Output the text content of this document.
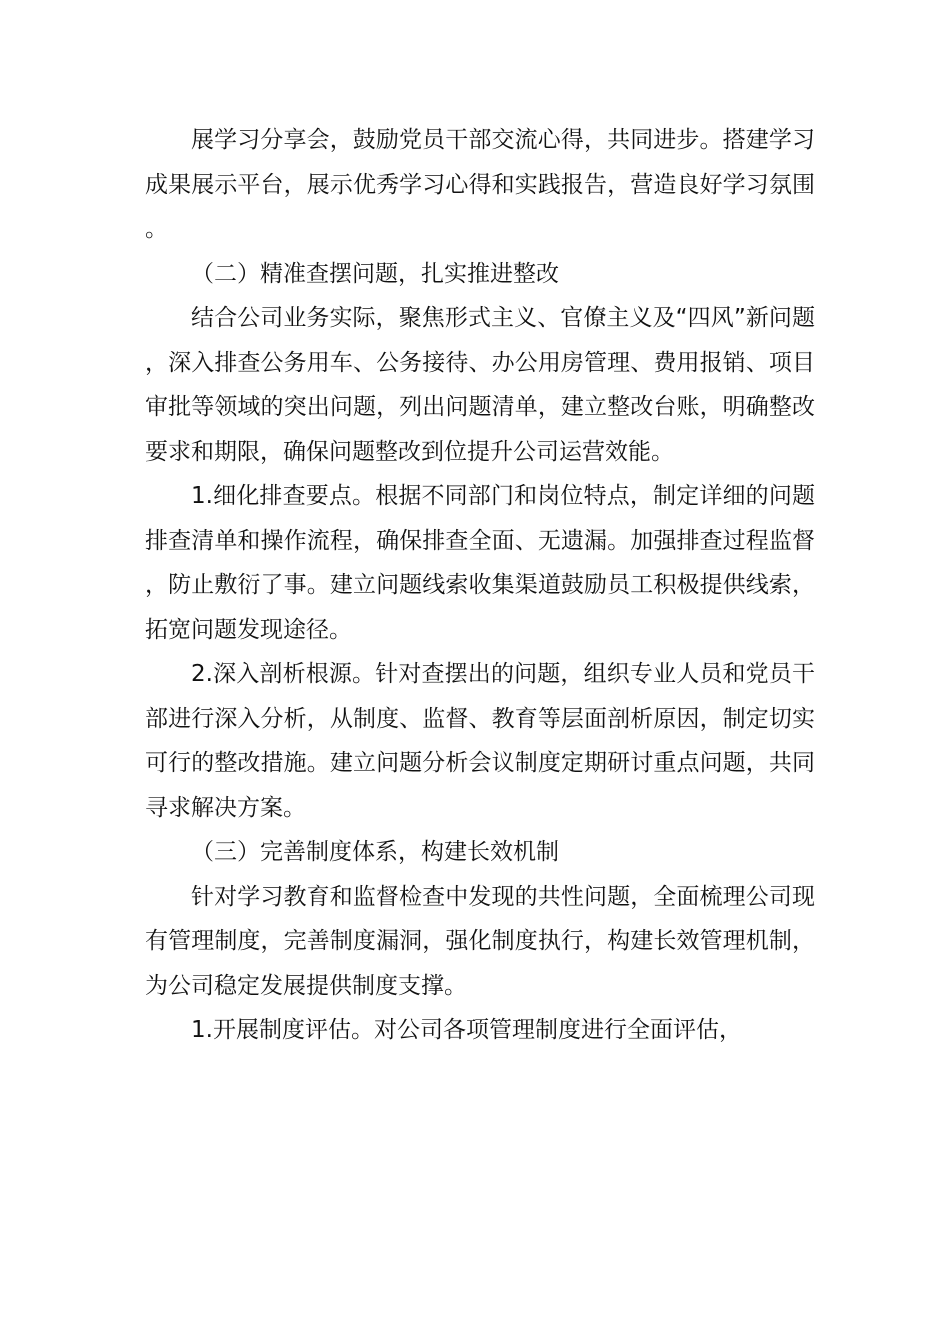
展学习分享会，鼓励党员干部交流心得，共同进步。搭建学习成果展示平台，展示优秀学习心得和实践报告，营造良好学习氛围。

（二）精准查摆问题，扎实推进整改

结合公司业务实际，聚焦形式主义、官僚主义及“四风”新问题，深入排查公务用车、公务接待、办公用房管理、费用报销、项目审批等领域的突出问题，列出问题清单，建立整改台账，明确整改要求和期限，确保问题整改到位提升公司运营效能。

1.细化排查要点。根据不同部门和岗位特点，制定详细的问题排查清单和操作流程，确保排查全面、无遗漏。加强排查过程监督，防止敷衍了事。建立问题线索收集渠道鼓励员工积极提供线索，拓宽问题发现途径。

2.深入剖析根源。针对查摆出的问题，组织专业人员和党员干部进行深入分析，从制度、监督、教育等层面剖析原因，制定切实可行的整改措施。建立问题分析会议制度定期研讨重点问题，共同寻求解决方案。

（三）完善制度体系，构建长效机制

针对学习教育和监督检查中发现的共性问题，全面梳理公司现有管理制度，完善制度漏洞，强化制度执行，构建长效管理机制，为公司稳定发展提供制度支撑。

1.开展制度评估。对公司各项管理制度进行全面评估，
